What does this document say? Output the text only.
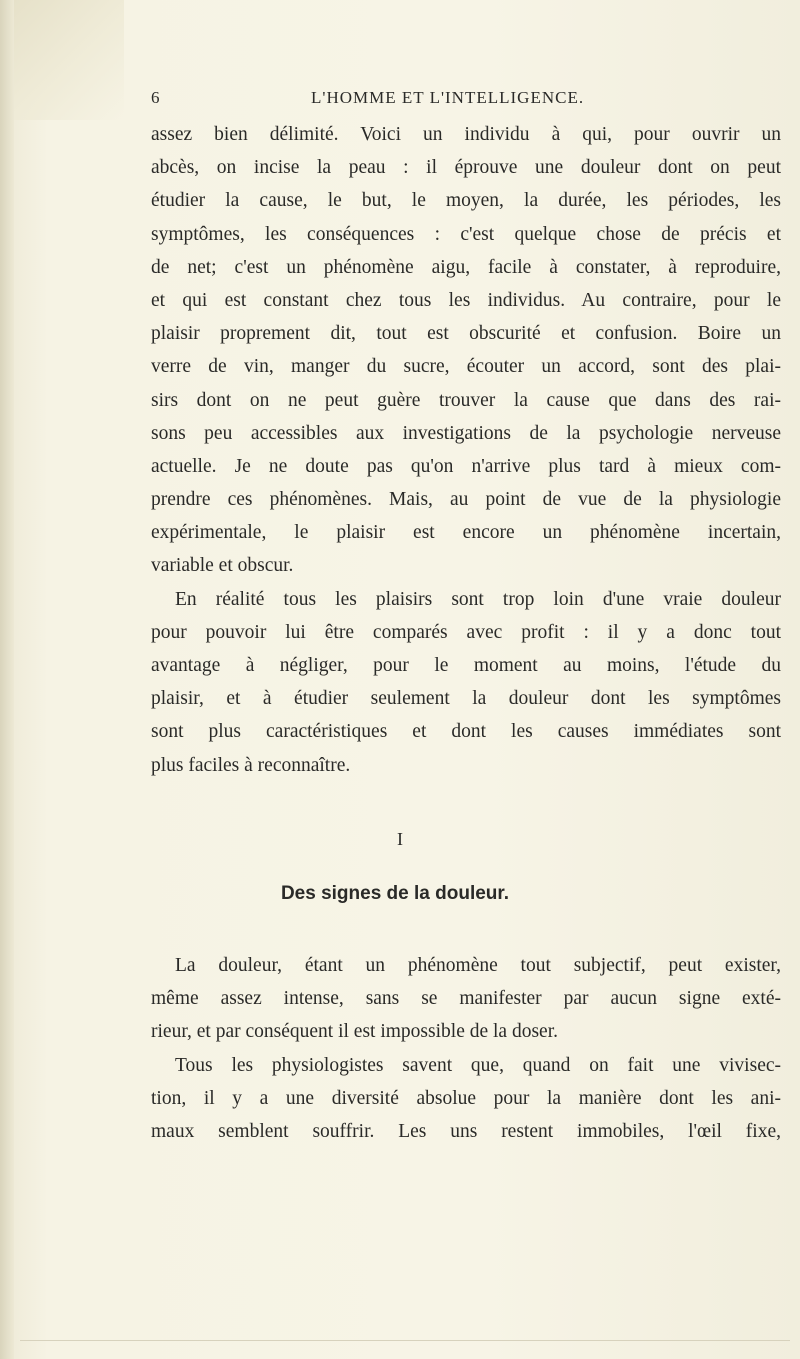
6	L'HOMME ET L'INTELLIGENCE.
assez bien délimité. Voici un individu à qui, pour ouvrir un
abcès, on incise la peau : il éprouve une douleur dont on peut
étudier la cause, le but, le moyen, la durée, les périodes, les
symptômes, les conséquences : c'est quelque chose de précis et
de net; c'est un phénomène aigu, facile à constater, à reproduire,
et qui est constant chez tous les individus. Au contraire, pour le
plaisir proprement dit, tout est obscurité et confusion. Boire un
verre de vin, manger du sucre, écouter un accord, sont des plai-
sirs dont on ne peut guère trouver la cause que dans des rai-
sons peu accessibles aux investigations de la psychologie nerveuse
actuelle. Je ne doute pas qu'on n'arrive plus tard à mieux com-
prendre ces phénomènes. Mais, au point de vue de la physiologie
expérimentale, le plaisir est encore un phénomène incertain,
variable et obscur.
En réalité tous les plaisirs sont trop loin d'une vraie douleur
pour pouvoir lui être comparés avec profit : il y a donc tout
avantage à négliger, pour le moment au moins, l'étude du
plaisir, et à étudier seulement la douleur dont les symptômes
sont plus caractéristiques et dont les causes immédiates sont
plus faciles à reconnaître.
I
Des signes de la douleur.
La douleur, étant un phénomène tout subjectif, peut exister,
même assez intense, sans se manifester par aucun signe exté-
rieur, et par conséquent il est impossible de la doser.
Tous les physiologistes savent que, quand on fait une vivisec-
tion, il y a une diversité absolue pour la manière dont les ani-
maux semblent souffrir. Les uns restent immobiles, l'œil fixe,
